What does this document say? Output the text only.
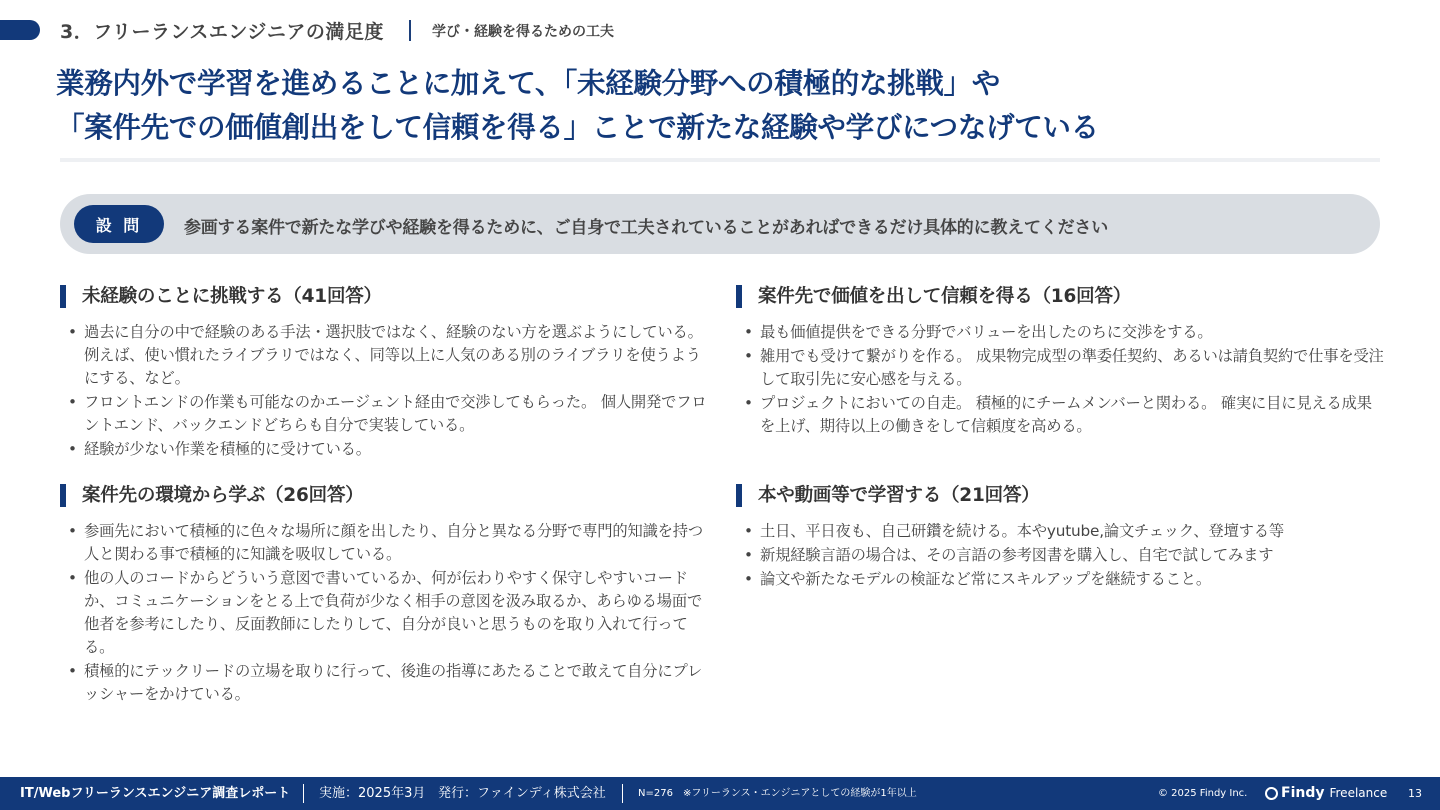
3．フリーランスエンジニアの満足度	学び・経験を得るための工夫
業務内外で学習を進めることに加えて、「未経験分野への積極的な挑戦」や
「案件先での価値創出をして信頼を得る」ことで新たな経験や学びにつなげている
設 問	参画する案件で新たな学びや経験を得るために、ご自身で工夫されていることがあればできるだけ具体的に教えてください
未経験のことに挑戦する（41回答）
• 過去に自分の中で経験のある手法・選択肢ではなく、経験のない方を選ぶようにしている。 例えば、使い慣れたライブラリではなく、同等以上に人気のある別のライブラリを使うようにする、など。
• フロントエンドの作業も可能なのかエージェント経由で交渉してもらった。 個人開発でフロントエンド、バックエンドどちらも自分で実装している。
• 経験が少ない作業を積極的に受けている。
案件先で価値を出して信頼を得る（16回答）
• 最も価値提供をできる分野でバリューを出したのちに交渉をする。
• 雑用でも受けて繋がりを作る。 成果物完成型の準委任契約、あるいは請負契約で仕事を受注して取引先に安心感を与える。
• プロジェクトにおいての自走。 積極的にチームメンバーと関わる。 確実に目に見える成果を上げ、期待以上の働きをして信頼度を高める。
案件先の環境から学ぶ（26回答）
• 参画先において積極的に色々な場所に顔を出したり、自分と異なる分野で専門的知識を持つ人と関わる事で積極的に知識を吸収している。
• 他の人のコードからどういう意図で書いているか、何が伝わりやすく保守しやすいコードか、コミュニケーションをとる上で負荷が少なく相手の意図を汲み取るか、あらゆる場面で他者を参考にしたり、反面教師にしたりして、自分が良いと思うものを取り入れて行ってる。
• 積極的にテックリードの立場を取りに行って、後進の指導にあたることで敢えて自分にプレッシャーをかけている。
本や動画等で学習する（21回答）
• 土日、平日夜も、自己研鑽を続ける。本やyutube,論文チェック、登壇する等
• 新規経験言語の場合は、その言語の参考図書を購入し、自宅で試してみます
• 論文や新たなモデルの検証など常にスキルアップを継続すること。
IT/Webフリーランスエンジニア調査レポート 実施：2025年3月 発行：ファインディ株式会社	N=276　※フリーランス・エンジニアとしての経験が1年以上	© 2025 Findy Inc. Findy Freelance 13
